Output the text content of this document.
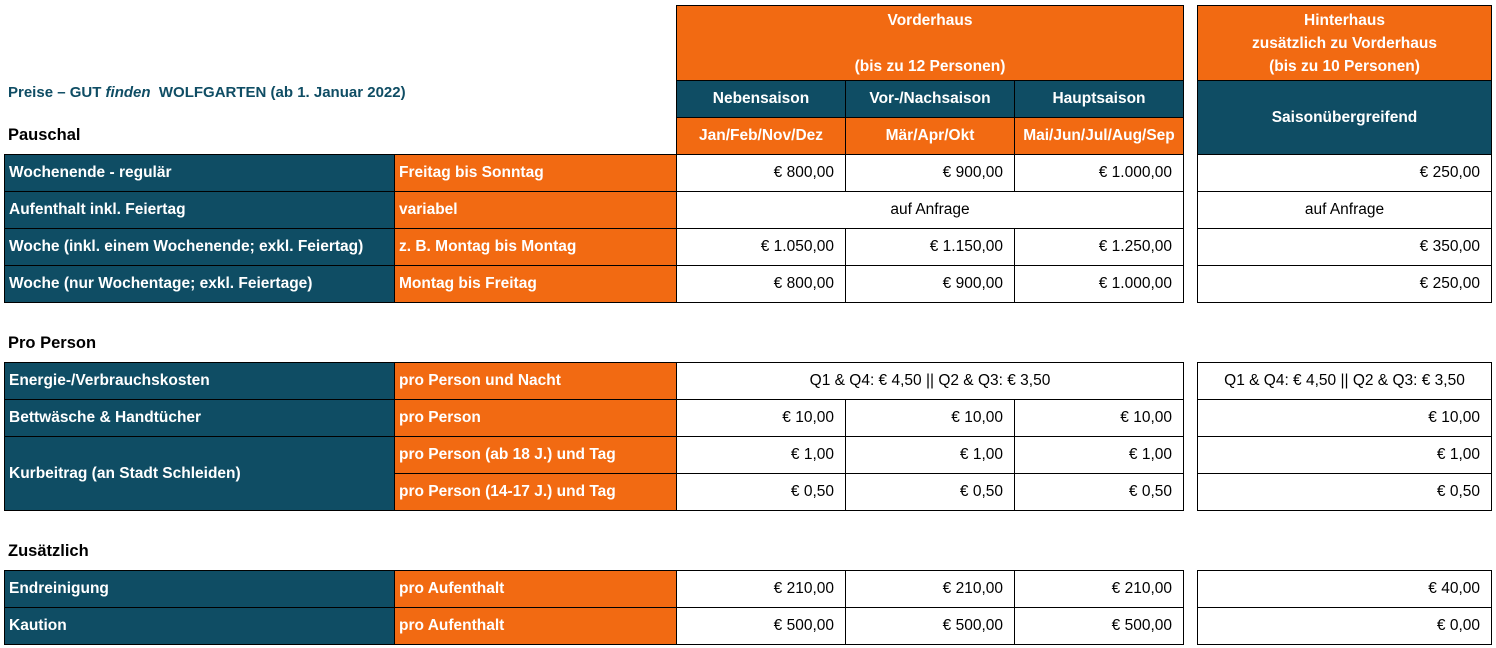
Preise – GUT finden  WOLFGARTEN (ab 1. Januar 2022)
Pauschal
Pro Person
Zusätzlich
Vorderhaus
(bis zu 12 Personen)
Nebensaison	Vor-/Nachsaison	Hauptsaison
Jan/Feb/Nov/Dez	Mär/Apr/Okt	Mai/Jun/Jul/Aug/Sep
Hinterhaus
zusätzlich zu Vorderhaus
(bis zu 10 Personen)
Saisonübergreifend
Wochenende - regulär	Freitag bis Sonntag	€ 800,00	€ 900,00	€ 1.000,00	€ 250,00
Aufenthalt inkl. Feiertag	variabel	auf Anfrage	auf Anfrage
Woche (inkl. einem Wochenende; exkl. Feiertag)	z. B. Montag bis Montag	€ 1.050,00	€ 1.150,00	€ 1.250,00	€ 350,00
Woche (nur Wochentage; exkl. Feiertage)	Montag bis Freitag	€ 800,00	€ 900,00	€ 1.000,00	€ 250,00
Energie-/Verbrauchskosten	pro Person und Nacht	Q1 & Q4: € 4,50 || Q2 & Q3: € 3,50	Q1 & Q4: € 4,50 || Q2 & Q3: € 3,50
Bettwäsche & Handtücher	pro Person	€ 10,00	€ 10,00	€ 10,00	€ 10,00
Kurbeitrag (an Stadt Schleiden)
pro Person (ab 18 J.) und Tag	€ 1,00	€ 1,00	€ 1,00	€ 1,00
pro Person (14-17 J.) und Tag	€ 0,50	€ 0,50	€ 0,50	€ 0,50
Endreinigung	pro Aufenthalt	€ 210,00	€ 210,00	€ 210,00	€ 40,00
Kaution	pro Aufenthalt	€ 500,00	€ 500,00	€ 500,00	€ 0,00
